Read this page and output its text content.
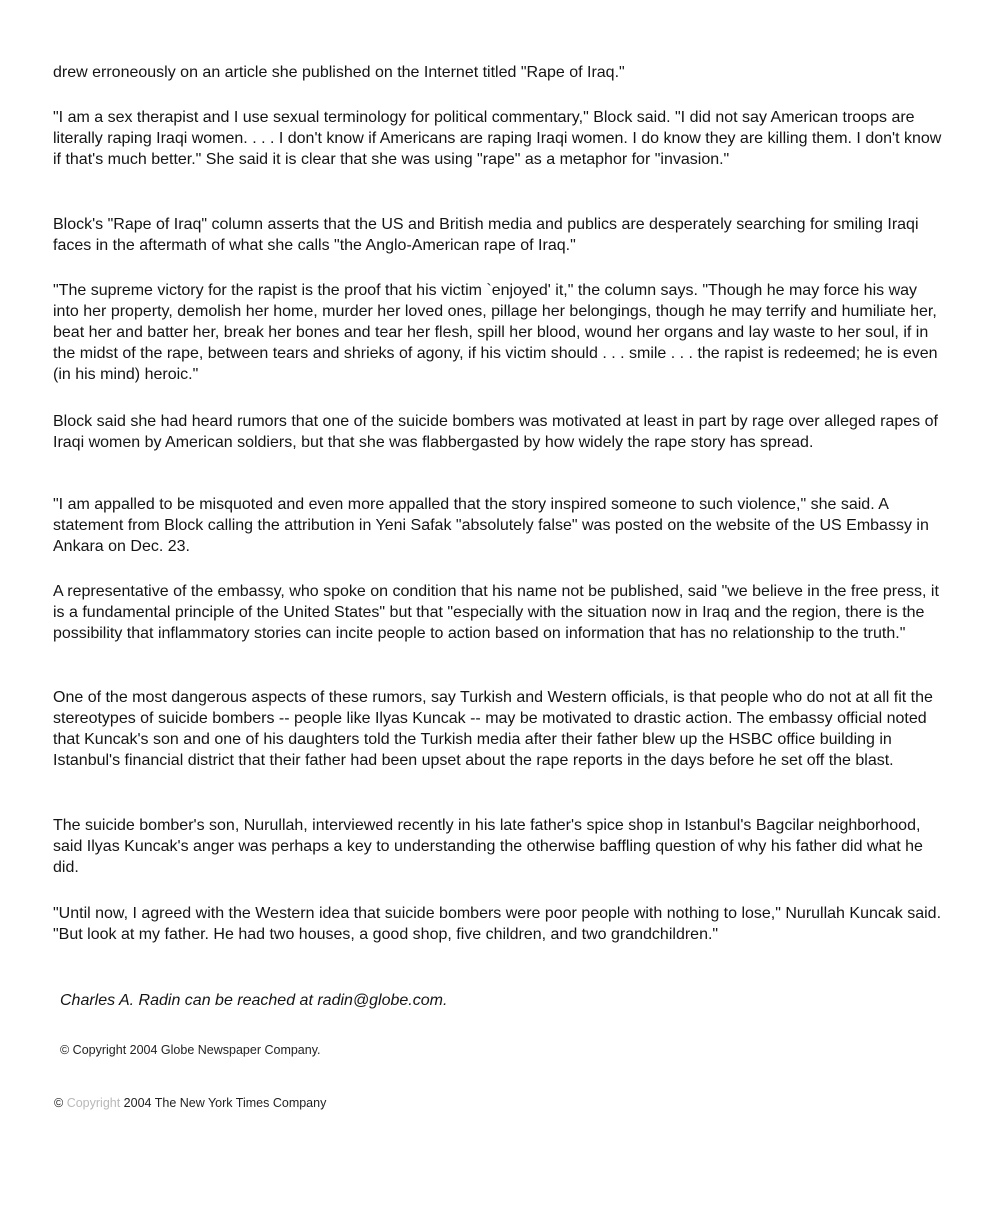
drew erroneously on an article she published on the Internet titled "Rape of Iraq."

"I am a sex therapist and I use sexual terminology for political commentary," Block said. "I did not say American troops are literally raping Iraqi women. . . . I don't know if Americans are raping Iraqi women. I do know they are killing them. I don't know if that's much better." She said it is clear that she was using "rape" as a metaphor for "invasion."

Block's "Rape of Iraq" column asserts that the US and British media and publics are desperately searching for smiling Iraqi faces in the aftermath of what she calls "the Anglo-American rape of Iraq."

"The supreme victory for the rapist is the proof that his victim `enjoyed' it," the column says. "Though he may force his way into her property, demolish her home, murder her loved ones, pillage her belongings, though he may terrify and humiliate her, beat her and batter her, break her bones and tear her flesh, spill her blood, wound her organs and lay waste to her soul, if in the midst of the rape, between tears and shrieks of agony, if his victim should . . . smile . . . the rapist is redeemed; he is even (in his mind) heroic."

Block said she had heard rumors that one of the suicide bombers was motivated at least in part by rage over alleged rapes of Iraqi women by American soldiers, but that she was flabbergasted by how widely the rape story has spread.

"I am appalled to be misquoted and even more appalled that the story inspired someone to such violence," she said. A statement from Block calling the attribution in Yeni Safak "absolutely false" was posted on the website of the US Embassy in Ankara on Dec. 23.

A representative of the embassy, who spoke on condition that his name not be published, said "we believe in the free press, it is a fundamental principle of the United States" but that "especially with the situation now in Iraq and the region, there is the possibility that inflammatory stories can incite people to action based on information that has no relationship to the truth."

One of the most dangerous aspects of these rumors, say Turkish and Western officials, is that people who do not at all fit the stereotypes of suicide bombers -- people like Ilyas Kuncak -- may be motivated to drastic action. The embassy official noted that Kuncak's son and one of his daughters told the Turkish media after their father blew up the HSBC office building in Istanbul's financial district that their father had been upset about the rape reports in the days before he set off the blast.

The suicide bomber's son, Nurullah, interviewed recently in his late father's spice shop in Istanbul's Bagcilar neighborhood, said Ilyas Kuncak's anger was perhaps a key to understanding the otherwise baffling question of why his father did what he did.

"Until now, I agreed with the Western idea that suicide bombers were poor people with nothing to lose," Nurullah Kuncak said. "But look at my father. He had two houses, a good shop, five children, and two grandchildren."

Charles A. Radin can be reached at radin@globe.com.

© Copyright 2004 Globe Newspaper Company.

© Copyright 2004 The New York Times Company
